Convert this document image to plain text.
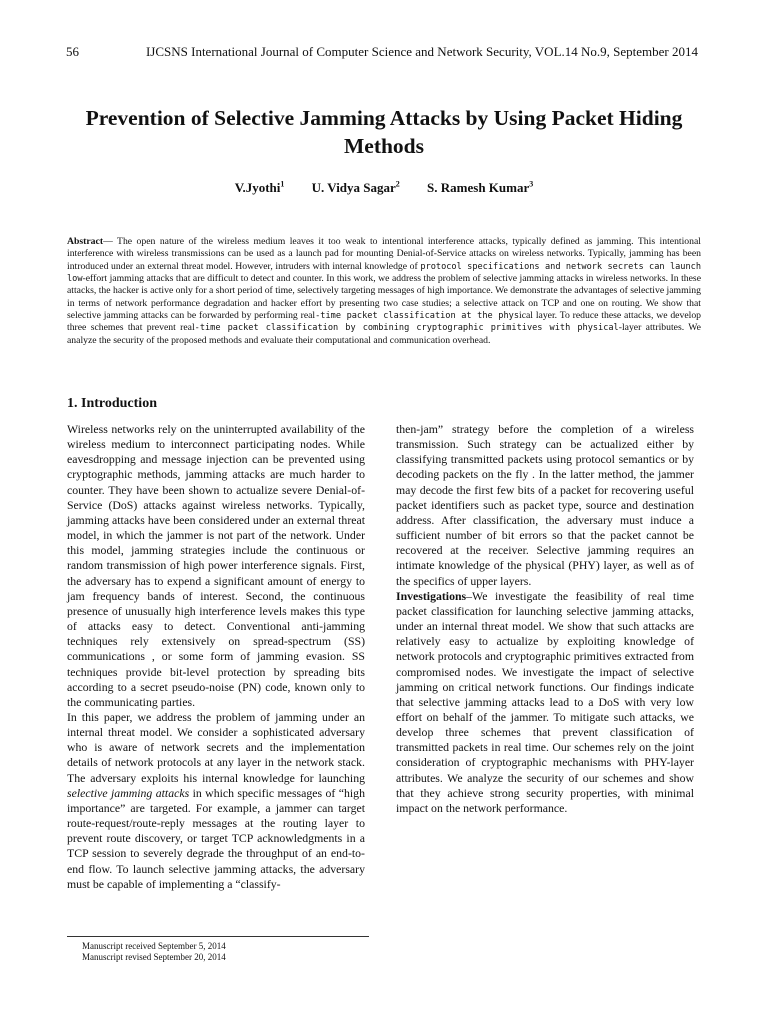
56	IJCSNS International Journal of Computer Science and Network Security, VOL.14 No.9, September 2014
Prevention of Selective Jamming Attacks by Using Packet Hiding Methods
V.Jyothi$^1$ U. Vidya Sagar$^2$ S. Ramesh Kumar$^3$
Abstract— The open nature of the wireless medium leaves it too weak to intentional interference attacks, typically defined as jamming. This intentional interference with wireless transmissions can be used as a launch pad for mounting Denial-of-Service attacks on wireless networks. Typically, jamming has been introduced under an external threat model. However, intruders with internal knowledge of protocol specifications and network secrets can launch low-effort jamming attacks that are difficult to detect and counter. In this work, we address the problem of selective jamming attacks in wireless networks. In these attacks, the hacker is active only for a short period of time, selectively targeting messages of high importance. We demonstrate the advantages of selective jamming in terms of network performance degradation and hacker effort by presenting two case studies; a selective attack on TCP and one on routing. We show that selective jamming attacks can be forwarded by performing real-time packet classification at the physical layer. To reduce these attacks, we develop three schemes that prevent real-time packet classification by combining cryptographic primitives with physical-layer attributes. We analyze the security of the proposed methods and evaluate their computational and communication overhead.
1. Introduction

Wireless networks rely on the uninterrupted availability of the wireless medium to interconnect participating nodes. While eavesdropping and message injection can be prevented using cryptographic methods, jamming attacks are much harder to counter. They have been shown to actualize severe Denial-of-Service (DoS) attacks against wireless networks. Typically, jamming attacks have been considered under an external threat model, in which the jammer is not part of the network. Under this model, jamming strategies include the continuous or random transmission of high power interference signals. First, the adversary has to expend a significant amount of energy to jam frequency bands of interest. Second, the continuous presence of unusually high interference levels makes this type of attacks easy to detect. Conventional anti-jamming techniques rely extensively on spread-spectrum (SS) communications , or some form of jamming evasion. SS techniques provide bit-level protection by spreading bits according to a secret pseudo-noise (PN) code, known only to the communicating parties.

In this paper, we address the problem of jamming under an internal threat model. We consider a sophisticated adversary who is aware of network secrets and the implementation details of network protocols at any layer in the network stack. The adversary exploits his internal knowledge for launching selective jamming attacks in which specific messages of “high importance” are targeted. For example, a jammer can target route-request/route-reply messages at the routing layer to prevent route discovery, or target TCP acknowledgments in a TCP session to severely degrade the throughput of an end-to-end flow. To launch selective jamming attacks, the adversary must be capable of implementing a “classify-

then-jam” strategy before the completion of a wireless transmission. Such strategy can be actualized either by classifying transmitted packets using protocol semantics or by decoding packets on the fly . In the latter method, the jammer may decode the first few bits of a packet for recovering useful packet identifiers such as packet type, source and destination address. After classification, the adversary must induce a sufficient number of bit errors so that the packet cannot be recovered at the receiver. Selective jamming requires an intimate knowledge of the physical (PHY) layer, as well as of the specifics of upper layers.

Investigations–We investigate the feasibility of real time packet classification for launching selective jamming attacks, under an internal threat model. We show that such attacks are relatively easy to actualize by exploiting knowledge of network protocols and cryptographic primitives extracted from compromised nodes. We investigate the impact of selective jamming on critical network functions. Our findings indicate that selective jamming attacks lead to a DoS with very low effort on behalf of the jammer. To mitigate such attacks, we develop three schemes that prevent classification of transmitted packets in real time. Our schemes rely on the joint consideration of cryptographic mechanisms with PHY-layer attributes. We analyze the security of our schemes and show that they achieve strong security properties, with minimal impact on the network performance.

Manuscript received September 5, 2014
Manuscript revised September 20, 2014
